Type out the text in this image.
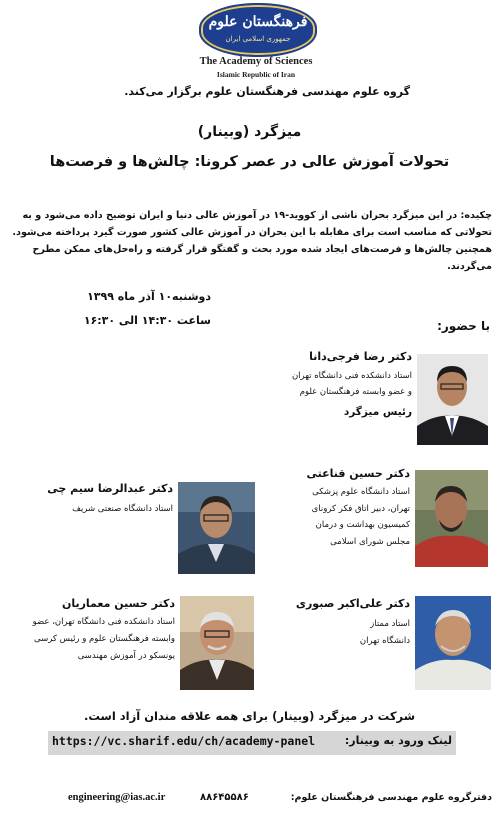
فرهنگستان علوم
جمهوری اسلامی ایران
The Academy of Sciences
Islamic Republic of Iran
گروه علوم مهندسی فرهنگستان علوم برگزار می‌کند.
میزگرد (وبینار)
تحولات آموزش عالی در عصر کرونا: چالش‌ها و فرصت‌ها
چکیده: در این میزگرد بحران ناشی از کووید-۱۹ در آموزش عالی دنیا و ایران توضیح داده می‌شود و به
تحولاتی که مناسب است برای مقابله با این بحران در آموزش عالی کشور صورت گیرد پرداخته می‌شود.
همچنین چالش‌ها و فرصت‌های ایجاد شده مورد بحث و گفتگو قرار گرفته و راه‌حل‌های ممکن مطرح می‌گردند.
دوشنبه۱۰ آذر ماه ۱۳۹۹
ساعت ۱۴:۳۰ الی ۱۶:۳۰	با حضور:
دکتر رضا فرجی‌دانا
استاد دانشکده فنی دانشگاه تهران
و عضو وابسته فرهنگستان علوم
رئیس میزگرد
دکتر حسین قناعتی
استاد دانشگاه علوم پزشکی
تهران، دبیر اتاق فکر کرونای
کمیسیون بهداشت و درمان
مجلس شورای اسلامی
دکتر عبدالرضا سیم چی
استاد دانشگاه صنعتی شریف
دکتر علی‌اکبر صبوری
استاد ممتاز
دانشگاه تهران
دکتر حسین معماریان
استاد دانشکده فنی دانشگاه تهران، عضو
وابسته فرهنگستان علوم و رئیس کرسی
یونسکو در آموزش مهندسی
شرکت در میزگرد (وبینار) برای همه علاقه مندان آزاد است.
https://vc.sharif.edu/ch/academy-panel	لینک ورود به وبینار:
engineering@ias.ac.ir	۸۸۶۴۵۵۸۶	دفترگروه علوم مهندسی فرهنگستان علوم:
